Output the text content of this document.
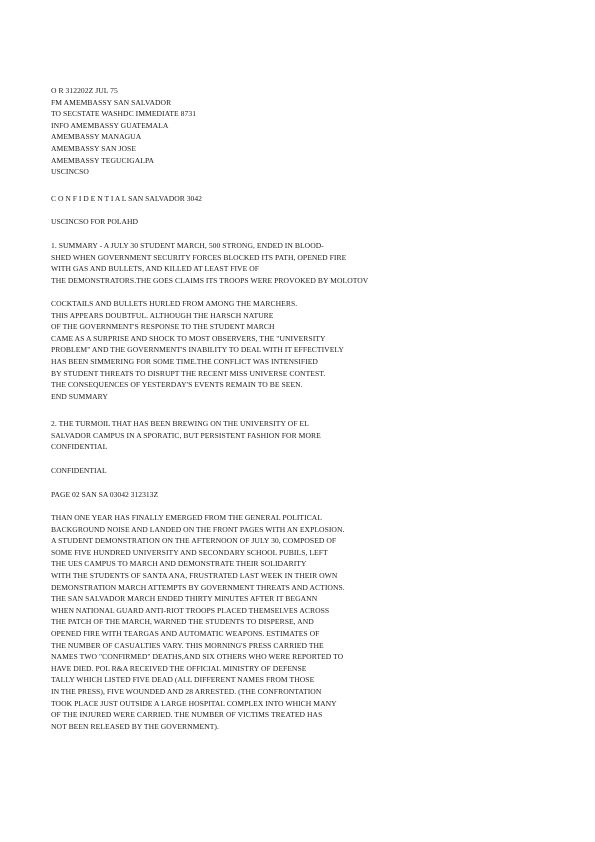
O R 312202Z JUL 75
FM AMEMBASSY SAN SALVADOR
TO SECSTATE WASHDC IMMEDIATE 8731
INFO AMEMBASSY GUATEMALA
AMEMBASSY MANAGUA
AMEMBASSY SAN JOSE
AMEMBASSY TEGUCIGALPA
USCINCSO
C O N F I D E N T I A L SAN SALVADOR 3042
USCINCSO FOR POLAHD
1. SUMMARY - A JULY 30 STUDENT MARCH, 500 STRONG, ENDED IN BLOOD-
SHED WHEN GOVERNMENT SECURITY FORCES BLOCKED ITS PATH, OPENED FIRE
WITH GAS AND BULLETS, AND KILLED AT LEAST FIVE OF
THE DEMONSTRATORS.THE GOES CLAIMS ITS TROOPS WERE PROVOKED BY MOLOTOV
COCKTAILS AND BULLETS HURLED FROM AMONG THE MARCHERS.
THIS APPEARS DOUBTFUL. ALTHOUGH THE HARSCH NATURE
OF THE GOVERNMENT'S RESPONSE TO THE STUDENT MARCH
CAME AS A SURPRISE AND SHOCK TO MOST OBSERVERS, THE "UNIVERSITY
PROBLEM" AND THE GOVERNMENT'S INABILITY TO DEAL WITH IT EFFECTIVELY
HAS BEEN SIMMERING FOR SOME TIME.THE CONFLICT WAS INTENSIFIED
BY STUDENT THREATS TO DISRUPT THE RECENT MISS UNIVERSE CONTEST.
THE CONSEQUENCES OF YESTERDAY'S EVENTS REMAIN TO BE SEEN.
END SUMMARY
2. THE TURMOIL THAT HAS BEEN BREWING ON THE UNIVERSITY OF EL
SALVADOR CAMPUS IN A SPORATIC, BUT PERSISTENT FASHION FOR MORE
CONFIDENTIAL
CONFIDENTIAL
PAGE 02 SAN SA 03042 312313Z
THAN ONE YEAR HAS FINALLY EMERGED FROM THE GENERAL POLITICAL
BACKGROUND NOISE AND LANDED ON THE FRONT PAGES WITH AN EXPLOSION.
A STUDENT DEMONSTRATION ON THE AFTERNOON OF JULY 30, COMPOSED OF
SOME FIVE HUNDRED UNIVERSITY AND SECONDARY SCHOOL PUBILS, LEFT
THE UES CAMPUS TO MARCH AND DEMONSTRATE THEIR SOLIDARITY
WITH THE STUDENTS OF SANTA ANA, FRUSTRATED LAST WEEK IN THEIR OWN
DEMONSTRATION MARCH ATTEMPTS BY GOVERNMENT THREATS AND ACTIONS.
THE SAN SALVADOR MARCH ENDED THIRTY MINUTES AFTER IT BEGANN
WHEN NATIONAL GUARD ANTI-RIOT TROOPS PLACED THEMSELVES ACROSS
THE PATCH OF THE MARCH, WARNED THE STUDENTS TO DISPERSE, AND
OPENED FIRE WITH TEARGAS AND AUTOMATIC WEAPONS. ESTIMATES OF
THE NUMBER OF CASUALTIES VARY. THIS MORNING'S PRESS CARRIED THE
NAMES TWO "CONFIRMED" DEATHS,AND SIX OTHERS WHO WERE REPORTED TO
HAVE DIED. POL R&A RECEIVED THE OFFICIAL MINISTRY OF DEFENSE
TALLY WHICH LISTED FIVE DEAD (ALL DIFFERENT NAMES FROM THOSE
IN THE PRESS), FIVE WOUNDED AND 28 ARRESTED. (THE CONFRONTATION
TOOK PLACE JUST OUTSIDE A LARGE HOSPITAL COMPLEX INTO WHICH MANY
OF THE INJURED WERE CARRIED. THE NUMBER OF VICTIMS TREATED HAS
NOT BEEN RELEASED BY THE GOVERNMENT).
